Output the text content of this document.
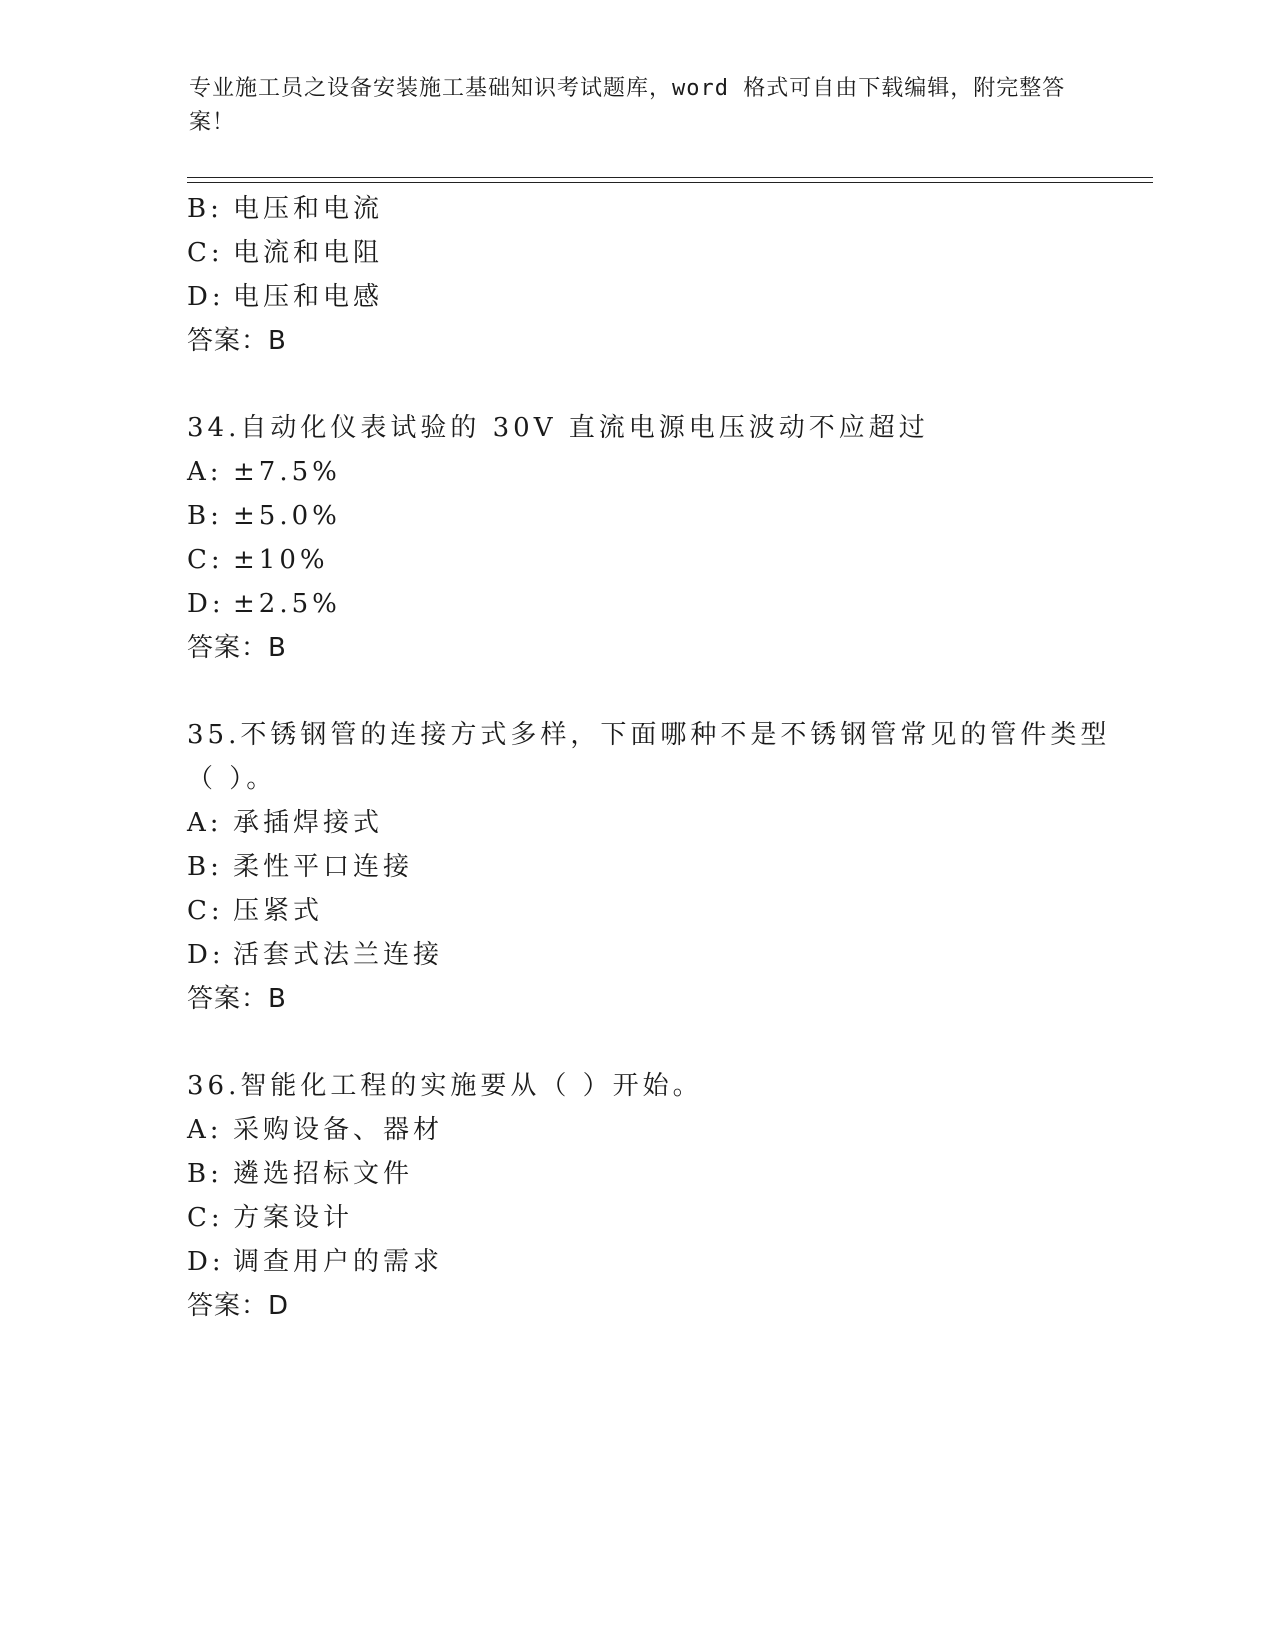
专业施工员之设备安装施工基础知识考试题库，word 格式可自由下载编辑，附完整答案！
B: 电压和电流
C: 电流和电阻
D: 电压和电感
答案：B
34.自动化仪表试验的 30V 直流电源电压波动不应超过
A: ±7.5%
B: ±5.0%
C: ±10%
D: ±2.5%
答案：B
35.不锈钢管的连接方式多样，下面哪种不是不锈钢管常见的管件类型
（ ）。
A: 承插焊接式
B: 柔性平口连接
C: 压紧式
D: 活套式法兰连接
答案：B
36.智能化工程的实施要从（ ）开始。
A: 采购设备、器材
B: 遴选招标文件
C: 方案设计
D: 调查用户的需求
答案：D
